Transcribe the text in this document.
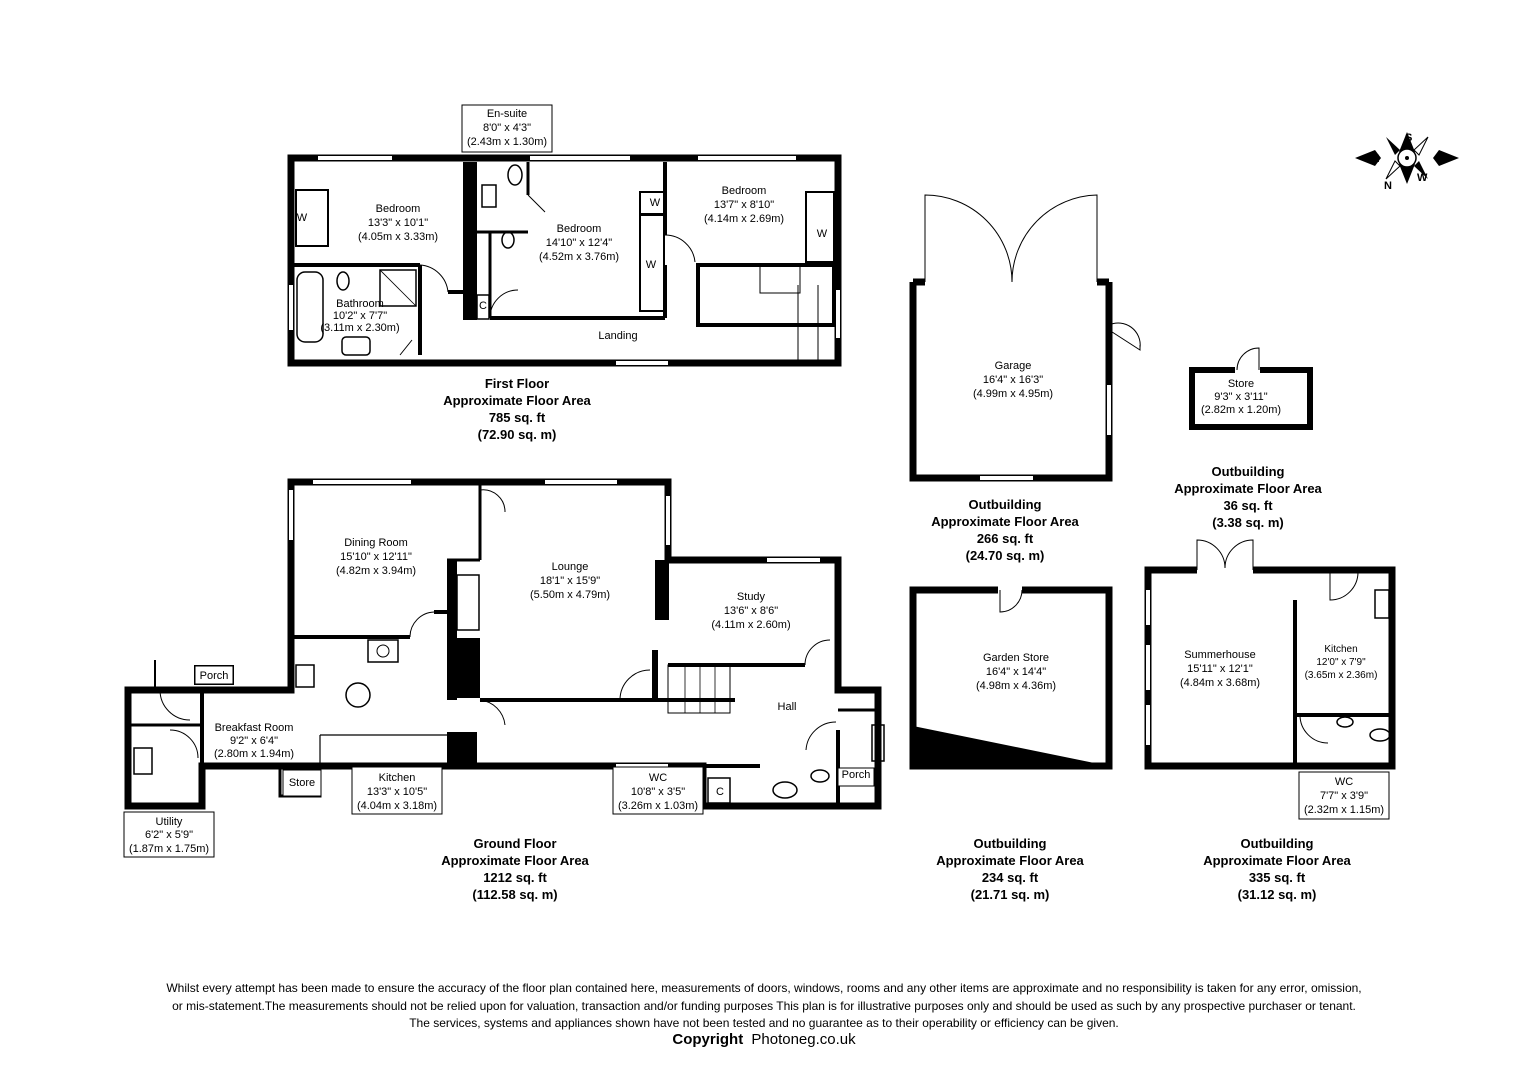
S
E
W
N
En-suite
8'0" x 4'3"
(2.43m x 1.30m)
Bedroom
13'3" x 10'1"
(4.05m x 3.33m)
Bedroom
14'10" x 12'4"
(4.52m x 3.76m)
Bedroom
13'7" x 8'10"
(4.14m x 2.69m)
Bathroom
10'2" x 7'7"
(3.11m x 2.30m)
Landing
Garage
16'4" x 16'3"
(4.99m x 4.95m)
Store
9'3" x 3'11"
(2.82m x 1.20m)
Dining Room
15'10" x 12'11"
(4.82m x 3.94m)	Lounge
18'1" x 15'9"
(5.50m x 4.79m)	Study
13'6" x 8'6"
(4.11m x 2.60m)
Hall
Porch
Porch
Breakfast Room
9'2" x 6'4"
(2.80m x 1.94m)
Store	Kitchen
13'3" x 10'5"
(4.04m x 3.18m)
WC
10'8" x 3'5"
(3.26m x 1.03m)
Utility
6'2" x 5'9"
(1.87m x 1.75m)
Garden Store
16'4" x 14'4"
(4.98m x 4.36m)
Summerhouse
15'11" x 12'1"
(4.84m x 3.68m)
Kitchen
12'0" x 7'9"
(3.65m x 2.36m)
WC
7'7" x 3'9"
(2.32m x 1.15m)
W
W
W
W
C
C
First Floor
Approximate Floor Area
785 sq. ft
(72.90 sq. m)
Ground Floor
Approximate Floor Area
1212 sq. ft
(112.58 sq. m)
Outbuilding
Approximate Floor Area
266 sq. ft
(24.70 sq. m)
Outbuilding
Approximate Floor Area
36 sq. ft
(3.38 sq. m)
Outbuilding
Approximate Floor Area
234 sq. ft
(21.71 sq. m)
Outbuilding
Approximate Floor Area
335 sq. ft
(31.12 sq. m)
Whilst every attempt has been made to ensure the accuracy of the floor plan contained here, measurements of doors, windows, rooms and any other items are approximate and no responsibility is taken for any error, omission,
or mis-statement.The measurements should not be relied upon for valuation, transaction and/or funding purposes This plan is for illustrative purposes only and should be used as such by any prospective purchaser or tenant.
The services, systems and appliances shown have not been tested and no guarantee as to their operability or efficiency can be given.
Copyright Photoneg.co.uk
